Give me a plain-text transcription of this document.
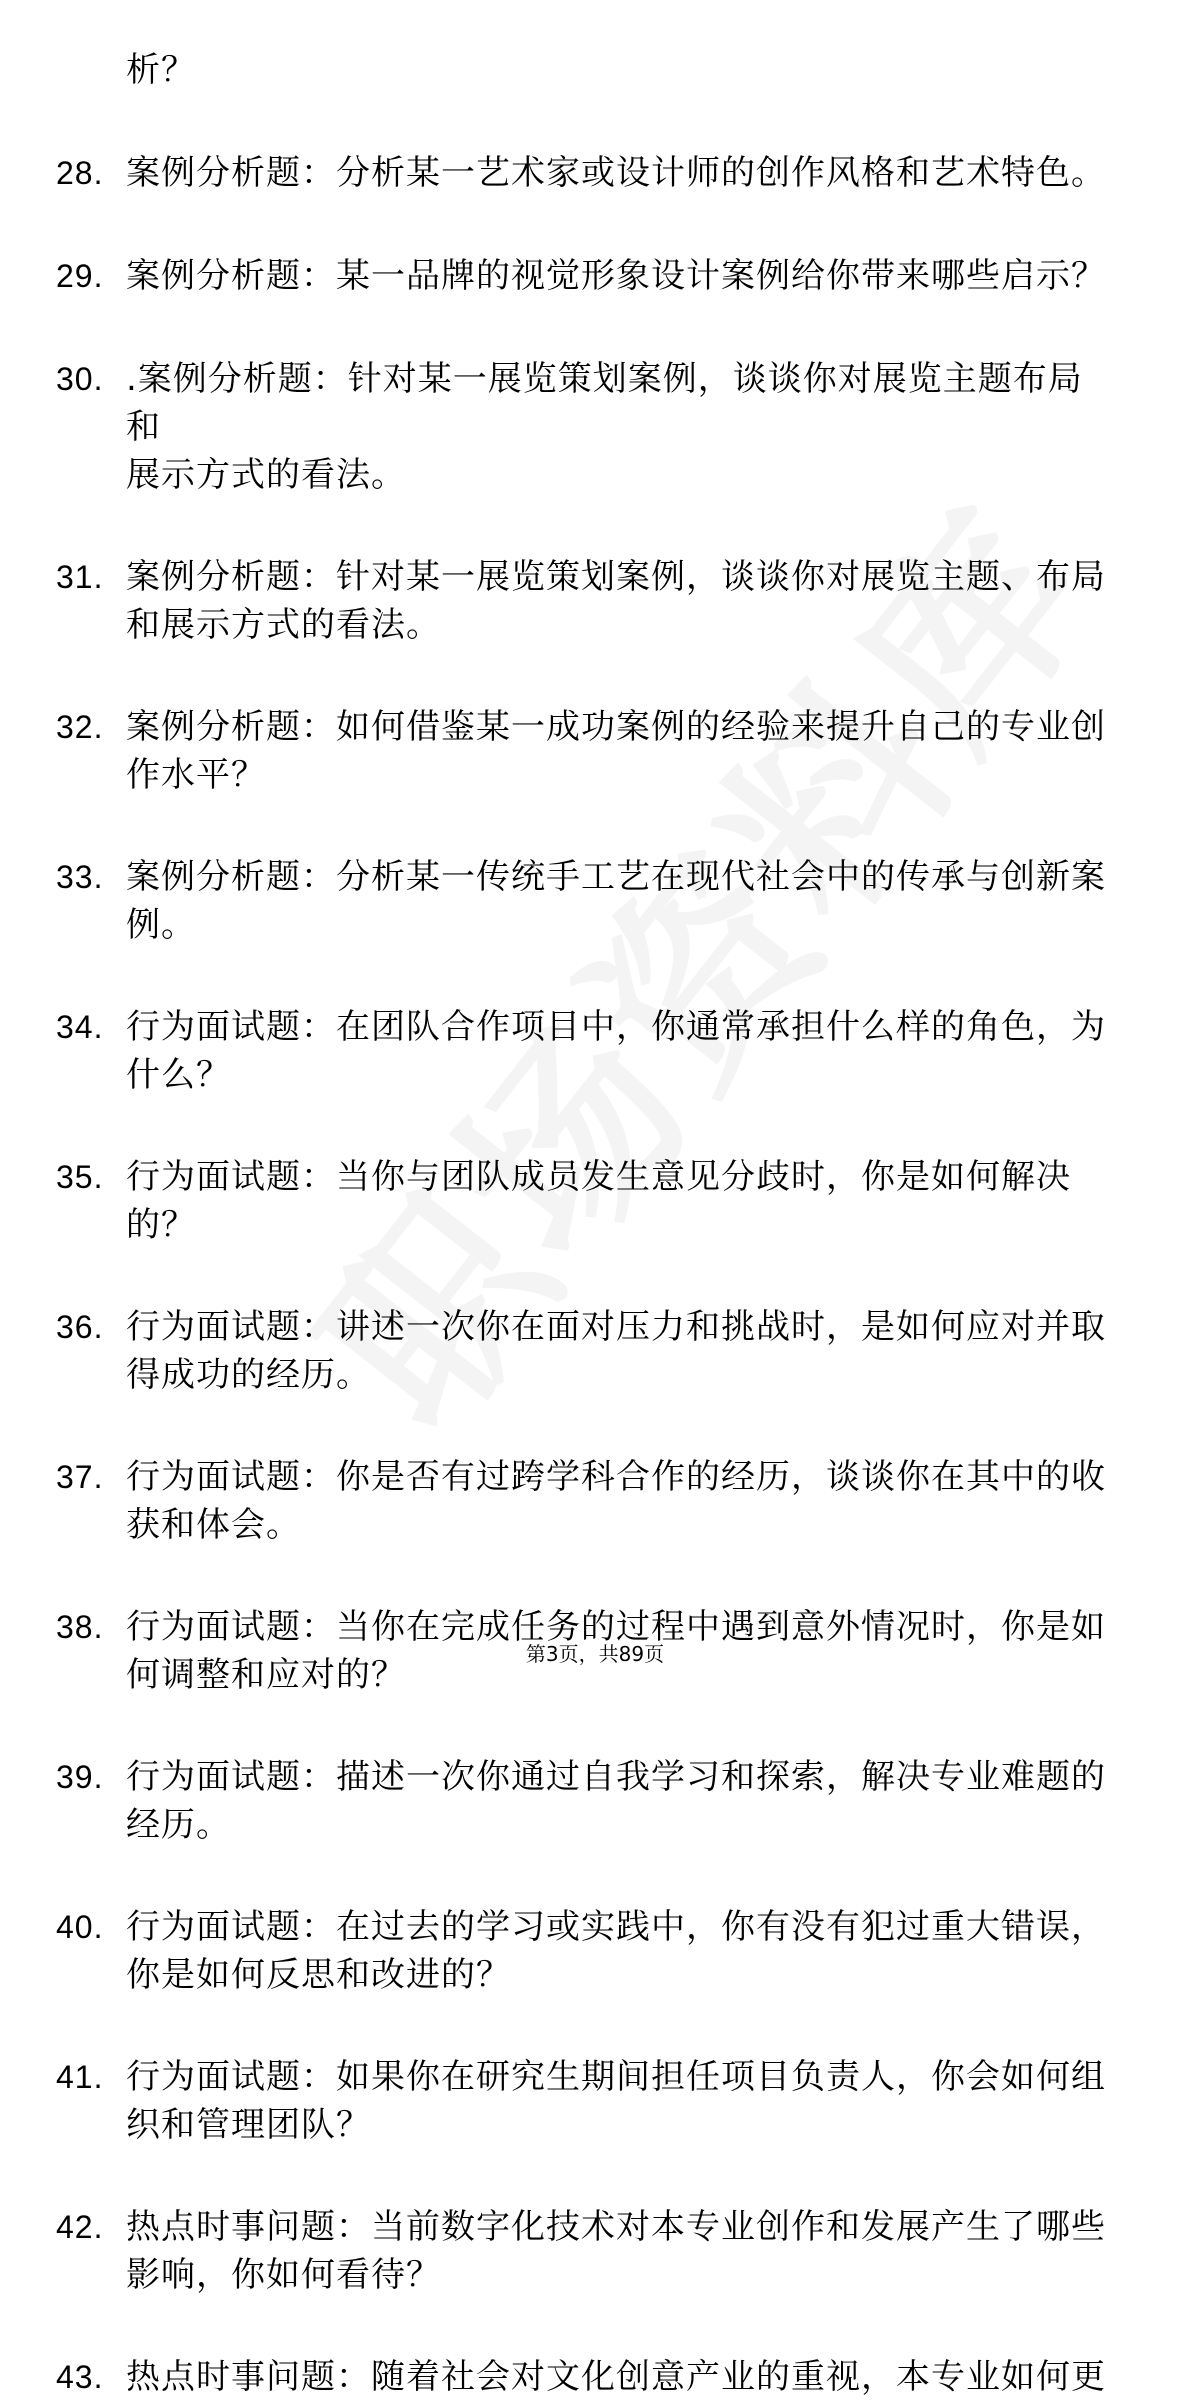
析？
28. 案例分析题：分析某一艺术家或设计师的创作风格和艺术特色。
29. 案例分析题：某一品牌的视觉形象设计案例给你带来哪些启示？
30. .案例分析题：针对某一展览策划案例，谈谈你对展览主题布局和
展示方式的看法。
31. 案例分析题：针对某一展览策划案例，谈谈你对展览主题、布局
和展示方式的看法。
32. 案例分析题：如何借鉴某一成功案例的经验来提升自己的专业创
作水平？
33. 案例分析题：分析某一传统手工艺在现代社会中的传承与创新案
例。
34. 行为面试题：在团队合作项目中，你通常承担什么样的角色，为
什么？
35. 行为面试题：当你与团队成员发生意见分歧时，你是如何解决
的？
36. 行为面试题：讲述一次你在面对压力和挑战时，是如何应对并取
得成功的经历。
37. 行为面试题：你是否有过跨学科合作的经历，谈谈你在其中的收
获和体会。
38. 行为面试题：当你在完成任务的过程中遇到意外情况时，你是如
何调整和应对的？
39. 行为面试题：描述一次你通过自我学习和探索，解决专业难题的
经历。
40. 行为面试题：在过去的学习或实践中，你有没有犯过重大错误，
你是如何反思和改进的？
41. 行为面试题：如果你在研究生期间担任项目负责人，你会如何组
织和管理团队？
42. 热点时事问题：当前数字化技术对本专业创作和发展产生了哪些
影响，你如何看待？
43. 热点时事问题：随着社会对文化创意产业的重视，本专业如何更
第3页，共89页
